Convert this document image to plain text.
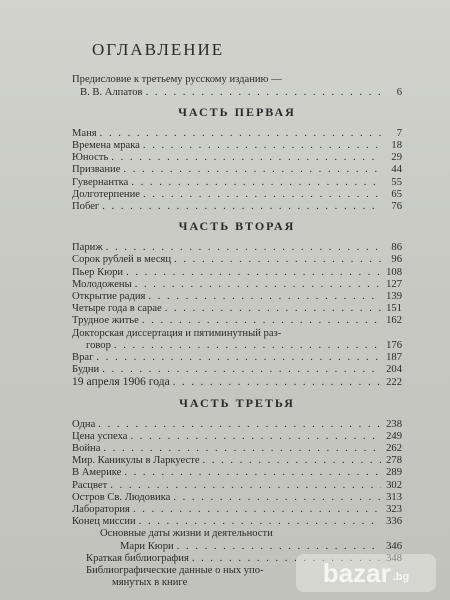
ОГЛАВЛЕНИЕ
Предисловие к третьему русскому изданию —
В. В. Алпатов . . .	6
ЧАСТЬ ПЕРВАЯ
Маня . . .	7
Времена мрака . . .	18
Юность . . .	29
Призвание . . .	44
Гувернантка . . .	55
Долготерпение . . .	65
Побег . . .	76
ЧАСТЬ ВТОРАЯ
Париж . . .	86
Сорок рублей в месяц . . .	96
Пьер Кюри . . .	108
Молодожены . . .	127
Открытие радия . . .	139
Четыре года в сарае . . .	151
Трудное житье . . .	162
Докторская диссертация и пятиминутный раз-
говор . . .	176
Враг . . .	187
Будни . . .	204
19 апреля 1906 года . . .	222
ЧАСТЬ ТРЕТЬЯ
Одна . . .	238
Цена успеха . . .	249
Война . . .	262
Мир. Каникулы в Ларкуесте . . .	278
В Америке . . .	289
Расцвет . . .	302
Остров Св. Людовика . . .	313
Лаборатория . . .	323
Конец миссии . . .	336
Основные даты жизни и деятельности
Мари Кюри . . .	346
Краткая библиография . . .	348
Библиографические данные о ных упо-
мянутых в книге	bazar .bg
